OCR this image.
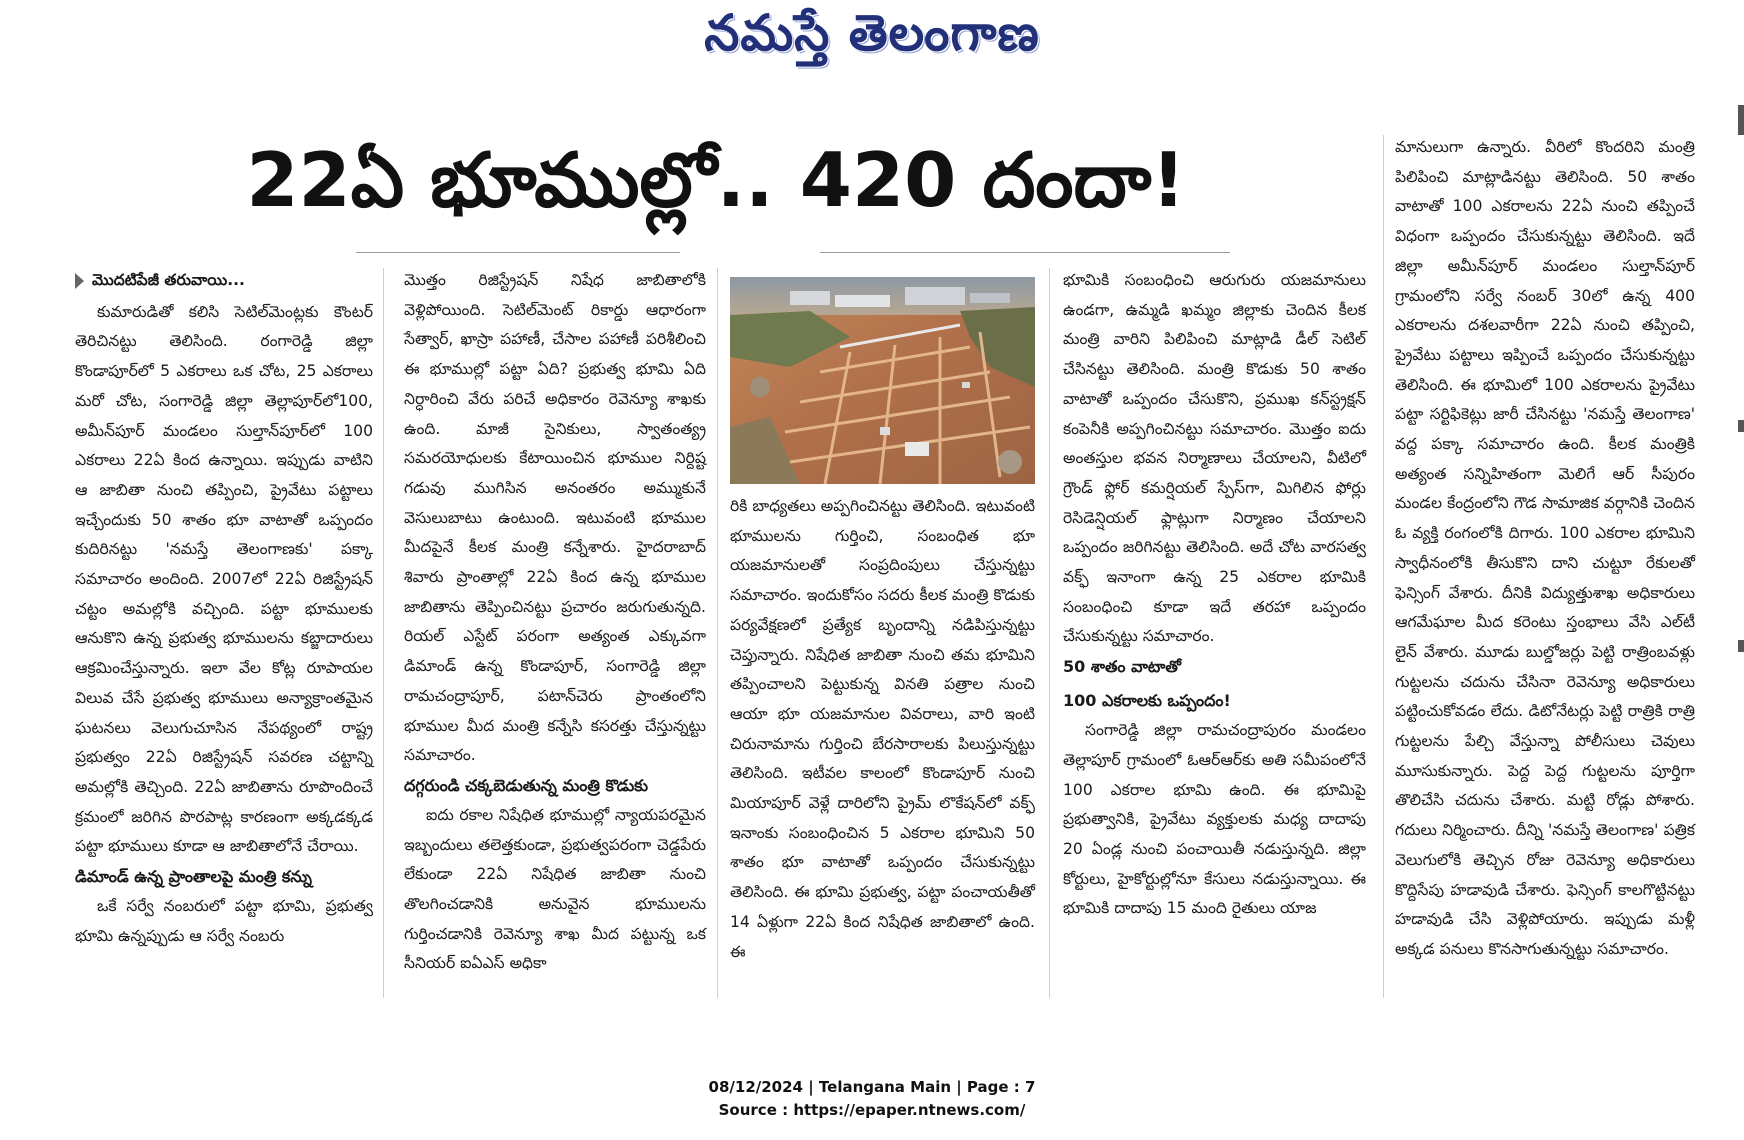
నమస్తే తెలంగాణ
22ఏ భూముల్లో.. 420 దందా!
మొదటిపేజీ తరువాయి...

కుమారుడితో కలిసి సెటిల్‌మెంట్లకు కౌంటర్ తెరిచినట్టు తెలిసింది. రంగారెడ్డి జిల్లా కొండాపూర్‌లో 5 ఎకరాలు ఒక చోట, 25 ఎకరాలు మరో చోట, సంగారెడ్డి జిల్లా తెల్లాపూర్‌లో100, అమీన్‌పూర్ మండలం సుల్తాన్‌పూర్‌లో 100 ఎకరాలు 22ఏ కింద ఉన్నాయి. ఇప్పుడు వాటిని ఆ జాబితా నుంచి తప్పించి, ప్రైవేటు పట్టాలు ఇచ్చేందుకు 50 శాతం భూ వాటాతో ఒప్పందం కుదిరినట్టు 'నమస్తే తెలంగాణకు' పక్కా సమాచారం అందింది. 2007లో 22ఏ రిజిస్ట్రేషన్ చట్టం అమల్లోకి వచ్చింది. పట్టా భూములకు ఆనుకొని ఉన్న ప్రభుత్వ భూములను కబ్జాదారులు ఆక్రమించేస్తున్నారు. ఇలా వేల కోట్ల రూపాయల విలువ చేసే ప్రభుత్వ భూములు అన్యాక్రాంతమైన ఘటనలు వెలుగుచూసిన నేపథ్యంలో రాష్ట్ర ప్రభుత్వం 22ఏ రిజిస్ట్రేషన్ సవరణ చట్టాన్ని అమల్లోకి తెచ్చింది. 22ఏ జాబితాను రూపొందించే క్రమంలో జరిగిన పొరపాట్ల కారణంగా అక్కడక్కడ పట్టా భూములు కూడా ఆ జాబితాలోనే చేరాయి.

డిమాండ్ ఉన్న ప్రాంతాలపై మంత్రి కన్ను

ఒకే సర్వే నంబరులో పట్టా భూమి, ప్రభుత్వ భూమి ఉన్నప్పుడు ఆ సర్వే నంబరు

మొత్తం రిజిస్ట్రేషన్ నిషేధ జాబితాలోకి వెళ్లిపోయింది. సెటిల్‌మెంట్ రికార్డు ఆధారంగా సేత్వార్, ఖాస్రా పహాణీ, చేసాల పహాణీ పరిశీలించి ఈ భూముల్లో పట్టా ఏది? ప్రభుత్వ భూమి ఏది నిర్ధారించి వేరు పరిచే అధికారం రెవెన్యూ శాఖకు ఉంది. మాజీ సైనికులు, స్వాతంత్య్ర సమరయోధులకు కేటాయించిన భూముల నిర్దిష్ట గడువు ముగిసిన అనంతరం అమ్ముకునే వెసులుబాటు ఉంటుంది. ఇటువంటి భూముల మీదపైనే కీలక మంత్రి కన్నేశారు. హైదరాబాద్ శివారు ప్రాంతాల్లో 22ఏ కింద ఉన్న భూముల జాబితాను తెప్పించినట్టు ప్రచారం జరుగుతున్నది. రియల్ ఎస్టేట్ పరంగా అత్యంత ఎక్కువగా డిమాండ్ ఉన్న కొండాపూర్, సంగారెడ్డి జిల్లా రామచంద్రాపూర్, పటాన్‌చెరు ప్రాంతంలోని భూముల మీద మంత్రి కన్నేసి కసరత్తు చేస్తున్నట్టు సమాచారం.

దగ్గరుండి చక్కబెడుతున్న మంత్రి కొడుకు

ఐదు రకాల నిషేధిత భూముల్లో న్యాయపరమైన ఇబ్బందులు తలెత్తకుండా, ప్రభుత్వపరంగా చెడ్డపేరు లేకుండా 22ఏ నిషేధిత జాబితా నుంచి తొలగించడానికి అనువైన భూములను గుర్తించడానికి రెవెన్యూ శాఖ మీద పట్టున్న ఒక సీనియర్ ఐఏఎస్ అధికా

రికి బాధ్యతలు అప్పగించినట్టు తెలిసింది. ఇటువంటి భూములను గుర్తించి, సంబంధిత భూ యజమానులతో సంప్రదింపులు చేస్తున్నట్టు సమాచారం. ఇందుకోసం సదరు కీలక మంత్రి కొడుకు పర్యవేక్షణలో ప్రత్యేక బృందాన్ని నడిపిస్తున్నట్టు చెప్తున్నారు. నిషేధిత జాబితా నుంచి తమ భూమిని తప్పించాలని పెట్టుకున్న వినతి పత్రాల నుంచి ఆయా భూ యజమానుల వివరాలు, వారి ఇంటి చిరునామాను గుర్తించి బేరసారాలకు పిలుస్తున్నట్టు తెలిసింది. ఇటీవల కాలంలో కొండాపూర్ నుంచి మియాపూర్ వెళ్లే దారిలోని ప్రైమ్ లొకేషన్‌లో వక్ఫ్ ఇనాంకు సంబంధించిన 5 ఎకరాల భూమిని 50 శాతం భూ వాటాతో ఒప్పందం చేసుకున్నట్టు తెలిసింది. ఈ భూమి ప్రభుత్వ, పట్టా పంచాయతీతో 14 ఏళ్లుగా 22ఏ కింద నిషేధిత జాబితాలో ఉంది. ఈ

భూమికి సంబంధించి ఆరుగురు యజమానులు ఉండగా, ఉమ్మడి ఖమ్మం జిల్లాకు చెందిన కీలక మంత్రి వారిని పిలిపించి మాట్లాడి డీల్ సెటిల్ చేసినట్టు తెలిసింది. మంత్రి కొడుకు 50 శాతం వాటాతో ఒప్పందం చేసుకొని, ప్రముఖ కన్‌స్ట్రక్షన్ కంపెనీకి అప్పగించినట్టు సమాచారం. మొత్తం ఐదు అంతస్తుల భవన నిర్మాణాలు చేయాలని, వీటిలో గ్రౌండ్ ఫ్లోర్ కమర్షియల్ స్పేస్‌గా, మిగిలిన ఫోర్లు రెసిడెన్షియల్ ఫ్లాట్లుగా నిర్మాణం చేయాలని ఒప్పందం జరిగినట్టు తెలిసింది. అదే చోట వారసత్వ వక్ఫ్ ఇనాంగా ఉన్న 25 ఎకరాల భూమికి సంబంధించి కూడా ఇదే తరహా ఒప్పందం చేసుకున్నట్టు సమాచారం.

50 శాతం వాటాతో

100 ఎకరాలకు ఒప్పందం!

సంగారెడ్డి జిల్లా రామచంద్రాపురం మండలం తెల్లాపూర్ గ్రామంలో ఓఆర్ఆర్‌కు అతి సమీపంలోనే 100 ఎకరాల భూమి ఉంది. ఈ భూమిపై ప్రభుత్వానికి, ప్రైవేటు వ్యక్తులకు మధ్య దాదాపు 20 ఏండ్ల నుంచి పంచాయితీ నడుస్తున్నది. జిల్లా కోర్టులు, హైకోర్టుల్లోనూ కేసులు నడుస్తున్నాయి. ఈ భూమికి దాదాపు 15 మంది రైతులు యాజ

మానులుగా ఉన్నారు. వీరిలో కొందరిని మంత్రి పిలిపించి మాట్లాడినట్టు తెలిసింది. 50 శాతం వాటాతో 100 ఎకరాలను 22ఏ నుంచి తప్పించే విధంగా ఒప్పందం చేసుకున్నట్టు తెలిసింది. ఇదే జిల్లా అమీన్‌పూర్ మండలం సుల్తాన్‌పూర్ గ్రామంలోని సర్వే నంబర్ 30లో ఉన్న 400 ఎకరాలను దశలవారీగా 22ఏ నుంచి తప్పించి, ప్రైవేటు పట్టాలు ఇప్పించే ఒప్పందం చేసుకున్నట్టు తెలిసింది. ఈ భూమిలో 100 ఎకరాలను ప్రైవేటు పట్టా సర్టిఫికెట్లు జారీ చేసినట్టు 'నమస్తే తెలంగాణ' వద్ద పక్కా సమాచారం ఉంది. కీలక మంత్రికి అత్యంత సన్నిహితంగా మెలిగే ఆర్ సీపురం మండల కేంద్రంలోని గౌడ సామాజిక వర్గానికి చెందిన ఓ వ్యక్తి రంగంలోకి దిగారు. 100 ఎకరాల భూమిని స్వాధీనంలోకి తీసుకొని దాని చుట్టూ రేకులతో ఫెన్సింగ్ వేశారు. దీనికి విద్యుత్తుశాఖ అధికారులు ఆగమేఘాల మీద కరెంటు స్తంభాలు వేసి ఎల్‌టీ లైన్ వేశారు. మూడు బుల్డోజర్లు పెట్టి రాత్రింబవళ్లు గుట్టలను చదును చేసినా రెవెన్యూ అధికారులు పట్టించుకోవడం లేదు. డిటోనేటర్లు పెట్టి రాత్రికి రాత్రి గుట్టలను పేల్చి వేస్తున్నా పోలీసులు చెవులు మూసుకున్నారు. పెద్ద పెద్ద గుట్టలను పూర్తిగా తొలిచేసి చదును చేశారు. మట్టి రోడ్లు పోశారు. గదులు నిర్మించారు. దీన్ని 'నమస్తే తెలంగాణ' పత్రిక వెలుగులోకి తెచ్చిన రోజు రెవెన్యూ అధికారులు కొద్దిసేపు హడావుడి చేశారు. ఫెన్సింగ్ కాలగొట్టినట్టు హడావుడి చేసి వెళ్లిపోయారు. ఇప్పుడు మళ్లీ అక్కడ పనులు కొనసాగుతున్నట్టు సమాచారం.

08/12/2024 | Telangana Main | Page : 7
Source : https://epaper.ntnews.com/
